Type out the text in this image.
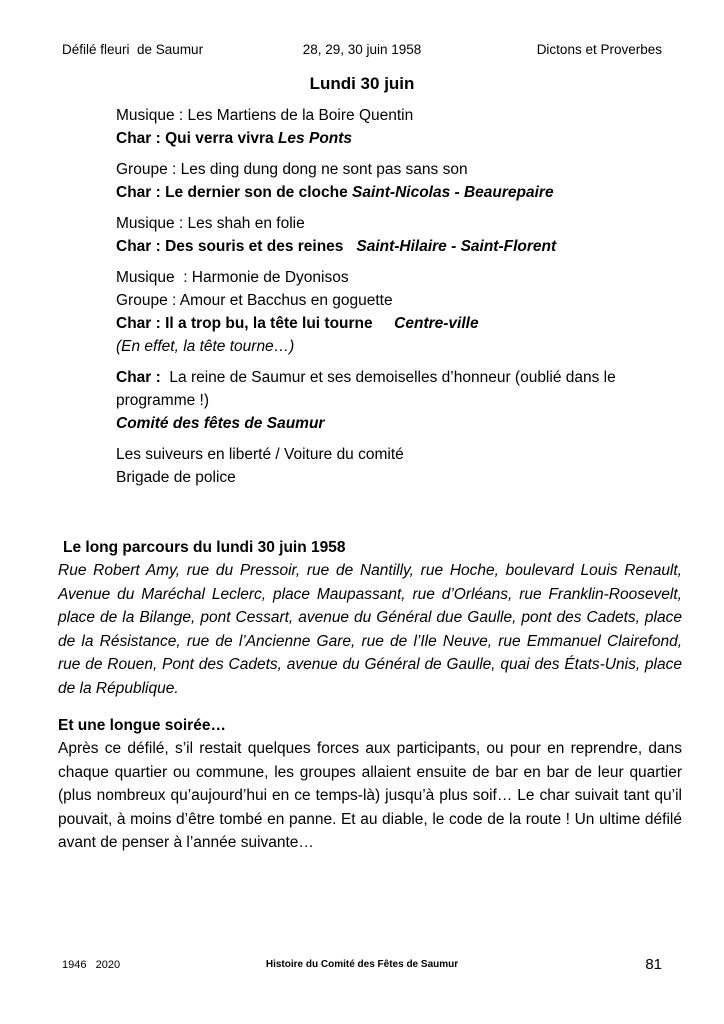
Défilé fleuri  de Saumur	28, 29, 30 juin 1958	Dictons et Proverbes
Lundi 30 juin
Musique : Les Martiens de la Boire Quentin
Char : Qui verra vivra Les Ponts
Groupe : Les ding dung dong ne sont pas sans son
Char : Le dernier son de cloche Saint-Nicolas - Beaurepaire
Musique : Les shah en folie
Char : Des souris et des reines   Saint-Hilaire - Saint-Florent
Musique  : Harmonie de Dyonisos
Groupe : Amour et Bacchus en goguette
Char : Il a trop bu, la tête lui tourne     Centre-ville
(En effet, la tête tourne…)
Char :  La reine de Saumur et ses demoiselles d’honneur (oublié dans le programme !)
Comité des fêtes de Saumur
Les suiveurs en liberté / Voiture du comité
Brigade de police
Le long parcours du lundi 30 juin 1958
Rue Robert Amy, rue du Pressoir, rue de Nantilly, rue Hoche, boulevard Louis Renault, Avenue du Maréchal Leclerc, place Maupassant, rue d’Orléans, rue Franklin-Roosevelt, place de la Bilange, pont Cessart, avenue du Général due Gaulle, pont des Cadets, place de la Résistance, rue de l’Ancienne Gare, rue de l’Ile Neuve, rue Emmanuel Clairefond, rue de Rouen, Pont des Cadets, avenue du Général de Gaulle, quai des États-Unis, place de la République.
Et une longue soirée…
Après ce défilé, s’il restait quelques forces aux participants, ou pour en reprendre, dans chaque quartier ou commune, les groupes allaient ensuite de bar en bar de leur quartier (plus nombreux qu’aujourd’hui en ce temps-là) jusqu’à plus soif… Le char suivait tant qu’il pouvait, à moins d’être tombé en panne. Et au diable, le code de la route ! Un ultime défilé avant de penser à l’année suivante…
1946   2020	Histoire du Comité des Fêtes de Saumur	81
